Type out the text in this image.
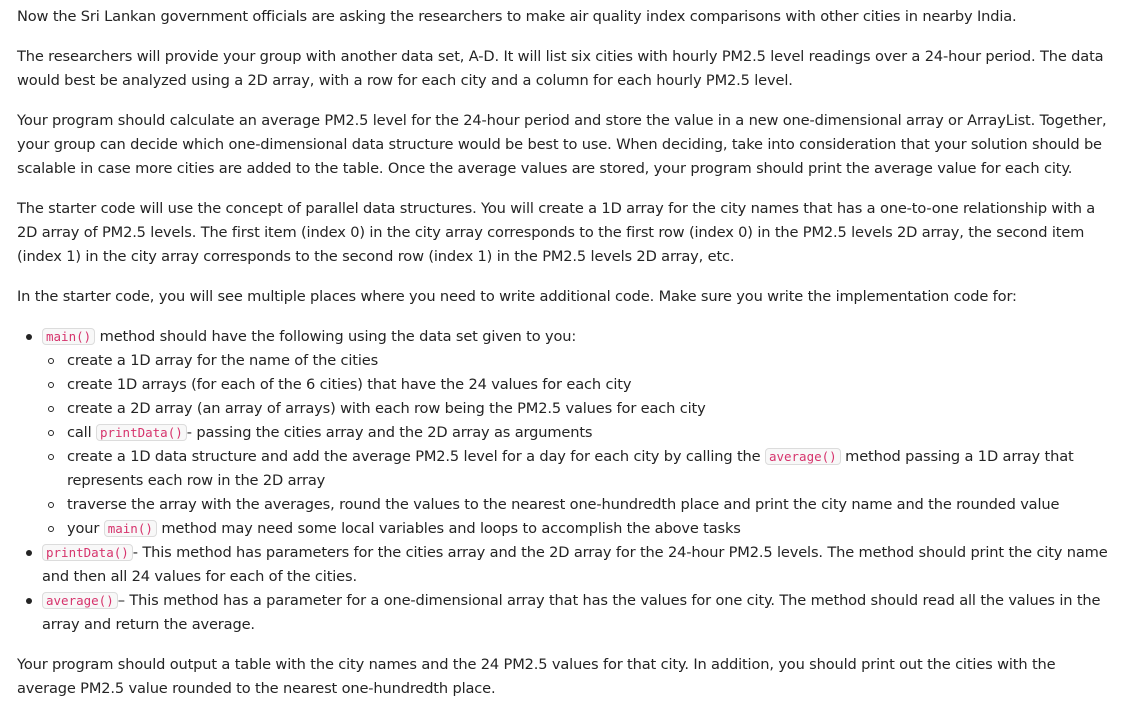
Now the Sri Lankan government officials are asking the researchers to make air quality index comparisons with other cities in nearby India.

The researchers will provide your group with another data set, A-D. It will list six cities with hourly PM2.5 level readings over a 24-hour period. The data would best be analyzed using a 2D array, with a row for each city and a column for each hourly PM2.5 level.

Your program should calculate an average PM2.5 level for the 24-hour period and store the value in a new one-dimensional array or ArrayList. Together, your group can decide which one-dimensional data structure would be best to use. When deciding, take into consideration that your solution should be scalable in case more cities are added to the table. Once the average values are stored, your program should print the average value for each city.

The starter code will use the concept of parallel data structures. You will create a 1D array for the city names that has a one-to-one relationship with a 2D array of PM2.5 levels. The first item (index 0) in the city array corresponds to the first row (index 0) in the PM2.5 levels 2D array, the second item (index 1) in the city array corresponds to the second row (index 1) in the PM2.5 levels 2D array, etc.

In the starter code, you will see multiple places where you need to write additional code. Make sure you write the implementation code for:

main() method should have the following using the data set given to you:
create a 1D array for the name of the cities
create 1D arrays (for each of the 6 cities) that have the 24 values for each city
create a 2D array (an array of arrays) with each row being the PM2.5 values for each city
call printData() - passing the cities array and the 2D array as arguments
create a 1D data structure and add the average PM2.5 level for a day for each city by calling the average() method passing a 1D array that represents each row in the 2D array
traverse the array with the averages, round the values to the nearest one-hundredth place and print the city name and the rounded value
your main() method may need some local variables and loops to accomplish the above tasks
printData() - This method has parameters for the cities array and the 2D array for the 24-hour PM2.5 levels. The method should print the city name and then all 24 values for each of the cities.
average() – This method has a parameter for a one-dimensional array that has the values for one city. The method should read all the values in the array and return the average.

Your program should output a table with the city names and the 24 PM2.5 values for that city. In addition, you should print out the cities with the average PM2.5 value rounded to the nearest one-hundredth place.
